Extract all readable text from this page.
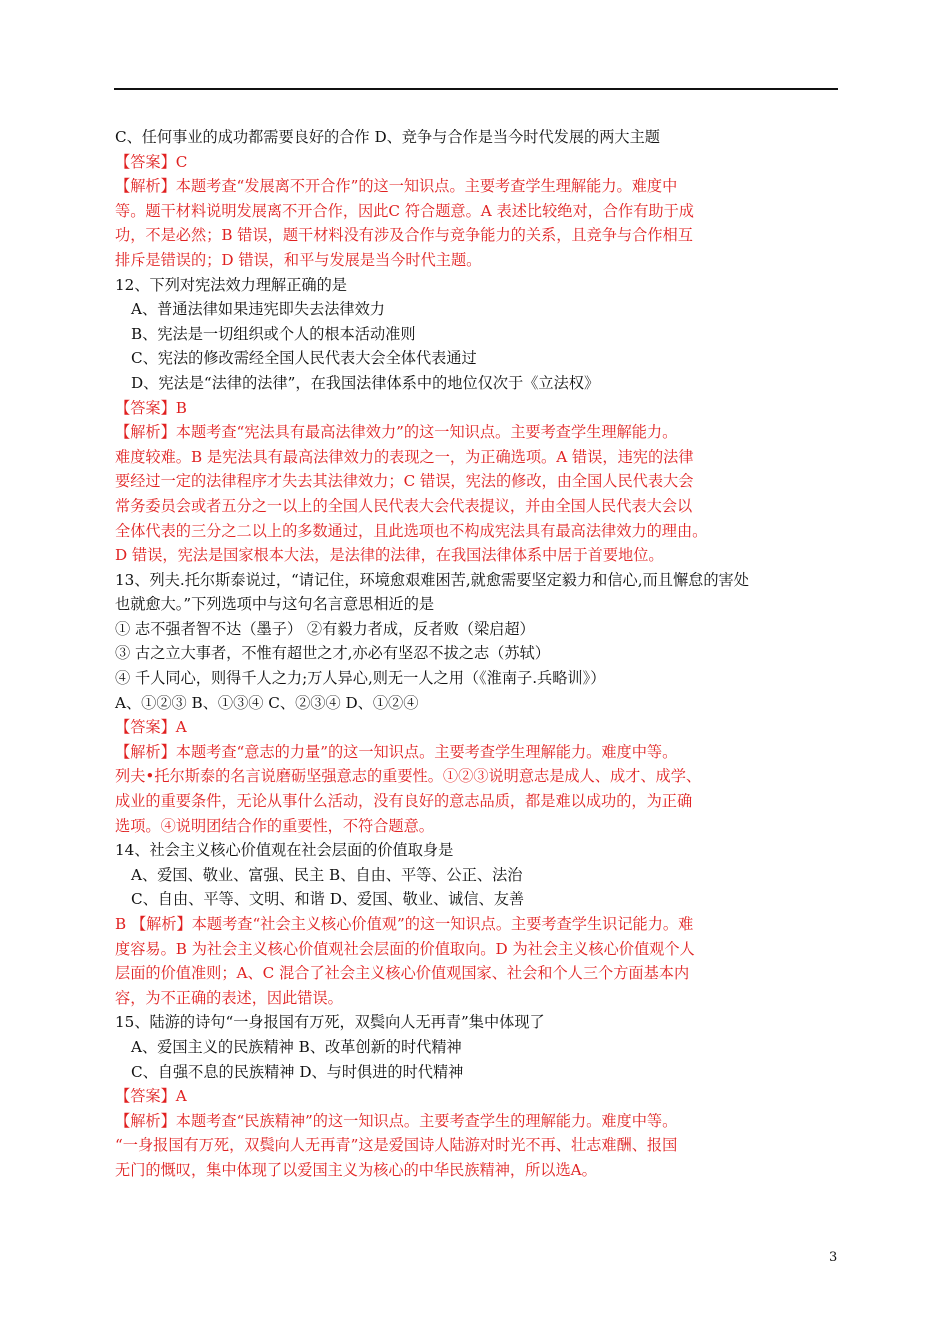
C、任何事业的成功都需要良好的合作 D、竞争与合作是当今时代发展的两大主题
【答案】C
【解析】本题考查“发展离不开合作”的这一知识点。主要考查学生理解能力。难度中
等。题干材料说明发展离不开合作，因此C 符合题意。A 表述比较绝对，合作有助于成
功，不是必然；B 错误，题干材料没有涉及合作与竞争能力的关系，且竞争与合作相互
排斥是错误的；D 错误，和平与发展是当今时代主题。
12、下列对宪法效力理解正确的是
A、普通法律如果违宪即失去法律效力
B、宪法是一切组织或个人的根本活动准则
C、宪法的修改需经全国人民代表大会全体代表通过
D、宪法是“法律的法律”，在我国法律体系中的地位仅次于《立法权》
【答案】B
【解析】本题考查“宪法具有最高法律效力”的这一知识点。主要考查学生理解能力。
难度较难。B 是宪法具有最高法律效力的表现之一，为正确选项。A 错误，违宪的法律
要经过一定的法律程序才失去其法律效力；C 错误，宪法的修改，由全国人民代表大会
常务委员会或者五分之一以上的全国人民代表大会代表提议，并由全国人民代表大会以
全体代表的三分之二以上的多数通过，且此选项也不构成宪法具有最高法律效力的理由。
D 错误，宪法是国家根本大法，是法律的法律，在我国法律体系中居于首要地位。
13、列夫.托尔斯泰说过，“请记住，环境愈艰难困苦,就愈需要坚定毅力和信心,而且懈怠的害处
也就愈大。”下列选项中与这句名言意思相近的是
① 志不强者智不达（墨子） ②有毅力者成，反者败（梁启超）
③ 古之立大事者，不惟有超世之才,亦必有坚忍不拔之志（苏轼）
④ 千人同心，则得千人之力;万人异心,则无一人之用（《淮南子.兵略训》）
A、①②③ B、①③④ C、②③④ D、①②④
【答案】A
【解析】本题考查“意志的力量”的这一知识点。主要考查学生理解能力。难度中等。
列夫•托尔斯泰的名言说磨砺坚强意志的重要性。①②③说明意志是成人、成才、成学、
成业的重要条件，无论从事什么活动，没有良好的意志品质，都是难以成功的，为正确
选项。④说明团结合作的重要性，不符合题意。
14、社会主义核心价值观在社会层面的价值取身是
A、爱国、敬业、富强、民主 B、自由、平等、公正、法治
C、自由、平等、文明、和谐 D、爱国、敬业、诚信、友善
B 【解析】本题考查“社会主义核心价值观”的这一知识点。主要考查学生识记能力。难
度容易。B 为社会主义核心价值观社会层面的价值取向。D 为社会主义核心价值观个人
层面的价值准则；A、C 混合了社会主义核心价值观国家、社会和个人三个方面基本内
容，为不正确的表述，因此错误。
15、陆游的诗句“一身报国有万死，双鬓向人无再青”集中体现了
A、爱国主义的民族精神 B、改革创新的时代精神
C、自强不息的民族精神 D、与时俱进的时代精神
【答案】A
【解析】本题考查“民族精神”的这一知识点。主要考查学生的理解能力。难度中等。
“一身报国有万死，双鬓向人无再青”这是爱国诗人陆游对时光不再、壮志难酬、报国
无门的慨叹，集中体现了以爱国主义为核心的中华民族精神，所以选A。
3
